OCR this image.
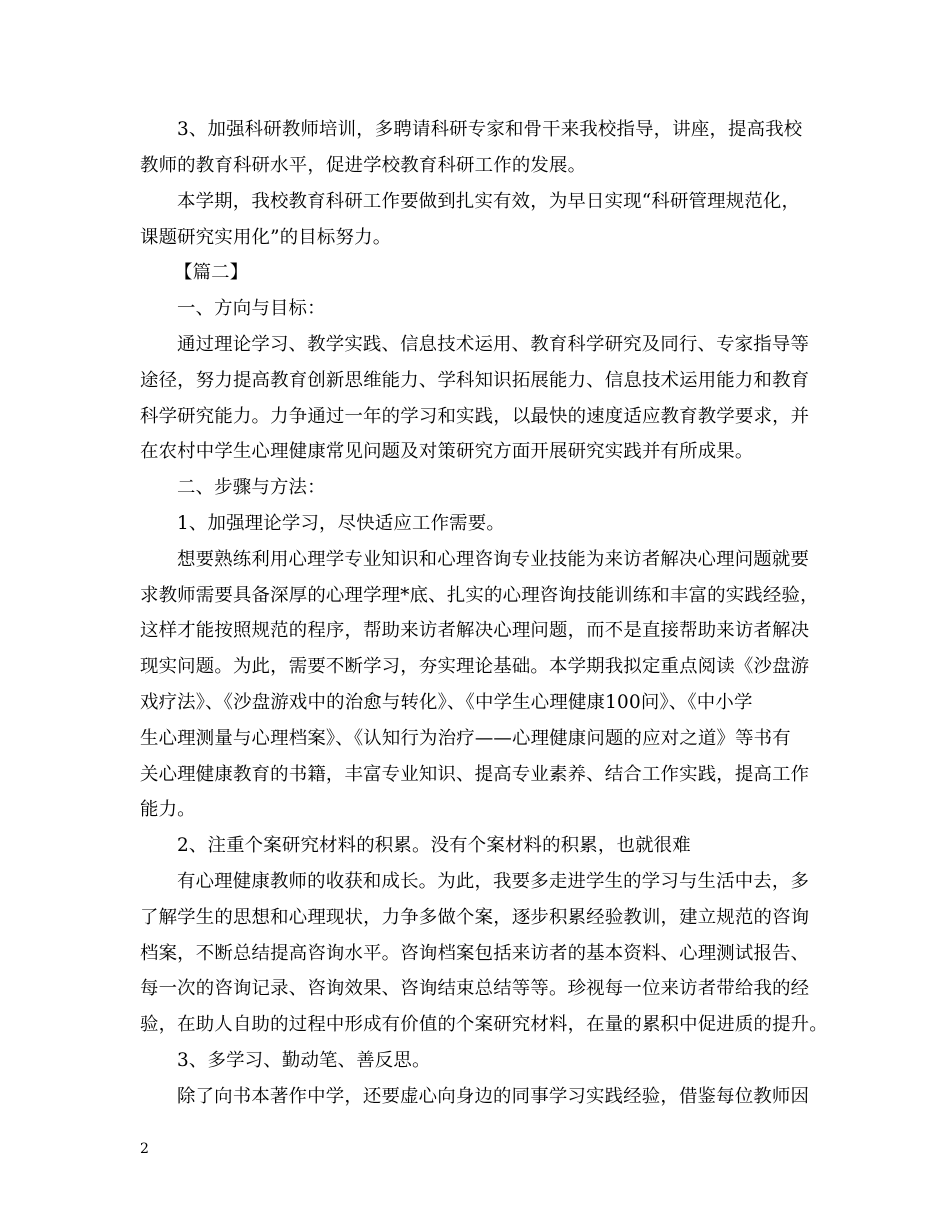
3、加强科研教师培训，多聘请科研专家和骨干来我校指导，讲座，提高我校
教师的教育科研水平，促进学校教育科研工作的发展。
本学期，我校教育科研工作要做到扎实有效，为早日实现“科研管理规范化，
课题研究实用化”的目标努力。
【篇二】
一、方向与目标：
通过理论学习、教学实践、信息技术运用、教育科学研究及同行、专家指导等
途径，努力提高教育创新思维能力、学科知识拓展能力、信息技术运用能力和教育
科学研究能力。力争通过一年的学习和实践，以最快的速度适应教育教学要求，并
在农村中学生心理健康常见问题及对策研究方面开展研究实践并有所成果。
二、步骤与方法：
1、加强理论学习，尽快适应工作需要。
想要熟练利用心理学专业知识和心理咨询专业技能为来访者解决心理问题就要
求教师需要具备深厚的心理学理*底、扎实的心理咨询技能训练和丰富的实践经验，
这样才能按照规范的程序，帮助来访者解决心理问题，而不是直接帮助来访者解决
现实问题。为此，需要不断学习，夯实理论基础。本学期我拟定重点阅读《沙盘游
戏疗法》、《沙盘游戏中的治愈与转化》、《中学生心理健康100问》、《中小学
生心理测量与心理档案》、《认知行为治疗——心理健康问题的应对之道》等书有
关心理健康教育的书籍，丰富专业知识、提高专业素养、结合工作实践，提高工作
能力。
2、注重个案研究材料的积累。没有个案材料的积累，也就很难
有心理健康教师的收获和成长。为此，我要多走进学生的学习与生活中去，多
了解学生的思想和心理现状，力争多做个案，逐步积累经验教训，建立规范的咨询
档案，不断总结提高咨询水平。咨询档案包括来访者的基本资料、心理测试报告、
每一次的咨询记录、咨询效果、咨询结束总结等等。珍视每一位来访者带给我的经
验，在助人自助的过程中形成有价值的个案研究材料，在量的累积中促进质的提升。
3、多学习、勤动笔、善反思。
除了向书本著作中学，还要虚心向身边的同事学习实践经验，借鉴每位教师因
2
